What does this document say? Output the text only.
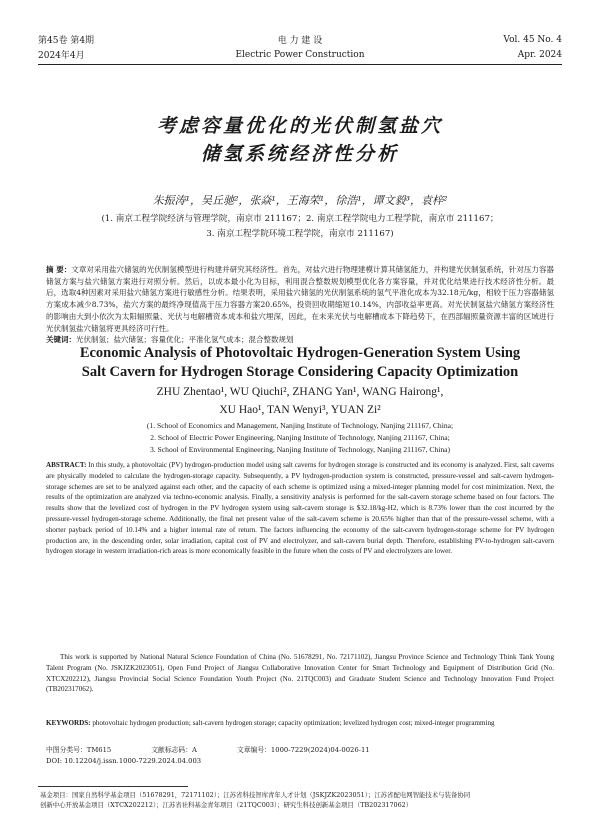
第45卷 第4期	电 力 建 设	Vol. 45 No. 4
2024年4月	Electric Power Construction	Apr. 2024
考虑容量优化的光伏制氢盐穴
储氢系统经济性分析
朱振涛¹，吴丘驰²，张焱¹，王海荣¹，徐浩¹，谭文毅³，袁梓²
(1. 南京工程学院经济与管理学院，南京市 211167；2. 南京工程学院电力工程学院，南京市 211167；
3. 南京工程学院环境工程学院，南京市 211167)
摘 要：文章对采用盐穴储氢的光伏制氢模型进行构建并研究其经济性。首先，对盐穴进行物理建模计算其储氢能力，并构建光伏制氢系统，针对压力容器储氢方案与盐穴储氢方案进行对照分析。然后，以成本最小化为目标，利用混合整数规划模型优化各方案容量，并对优化结果进行技术经济性分析。最后，选取4种因素对采用盐穴储氢方案进行敏感性分析。结果表明，采用盐穴储氢的光伏制氢系统的氢气平准化成本为32.18元/kg，相较于压力容器储氢方案成本减少8.73%，盐穴方案的最终净现值高于压力容器方案20.65%，投资回收期缩短10.14%，内部收益率更高。对光伏制氢盐穴储氢方案经济性的影响由大到小依次为太阳辐照量、光伏与电解槽资本成本和盐穴埋深，因此，在未来光伏与电解槽成本下降趋势下，在西部辐照量资源丰富的区域进行光伏制氢盐穴储氢将更具经济可行性。
关键词：光伏制氢；盐穴储氢；容量优化；平准化氢气成本；混合整数规划
Economic Analysis of Photovoltaic Hydrogen-Generation System Using
Salt Cavern for Hydrogen Storage Considering Capacity Optimization
ZHU Zhentao¹, WU Qiuchi², ZHANG Yan¹, WANG Hairong¹,
XU Hao¹, TAN Wenyi³, YUAN Zi²
(1. School of Economics and Management, Nanjing Institute of Technology, Nanjing 211167, China;
2. School of Electric Power Engineering, Nanjing Institute of Technology, Nanjing 211167, China;
3. School of Environmental Engineering, Nanjing Institute of Technology, Nanjing 211167, China)
ABSTRACT: In this study, a photovoltaic (PV) hydrogen-production model using salt caverns for hydrogen storage is constructed and its economy is analyzed. First, salt caverns are physically modeled to calculate the hydrogen-storage capacity. Subsequently, a PV hydrogen-production system is constructed, pressure-vessel and salt-cavern hydrogen-storage schemes are set to be analyzed against each other, and the capacity of each scheme is optimized using a mixed-integer planning model for cost minimization. Next, the results of the optimization are analyzed via techno-economic analysis. Finally, a sensitivity analysis is performed for the salt-cavern storage scheme based on four factors. The results show that the levelized cost of hydrogen in the PV hydrogen system using salt-cavern storage is $32.18/kg-H2, which is 8.73% lower than the cost incurred by the pressure-vessel hydrogen-storage scheme. Additionally, the final net present value of the salt-cavern scheme is 20.65% higher than that of the pressure-vessel scheme, with a shorter payback period of 10.14% and a higher internal rate of return. The factors influencing the economy of the salt-cavern hydrogen-storage scheme for PV hydrogen production are, in the descending order, solar irradiation, capital cost of PV and electrolyzer, and salt-cavern burial depth. Therefore, establishing PV-to-hydrogen salt-cavern hydrogen storage in western irradiation-rich areas is more economically feasible in the future when the costs of PV and electrolyzers are lower.
This work is supported by National Natural Science Foundation of China (No. 51678291, No. 72171102), Jiangsu Province Science and Technology Think Tank Young Talent Program (No. JSKJZK2023051), Open Fund Project of Jiangsu Collaborative Innovation Center for Smart Technology and Equipment of Distribution Grid (No. XTCX202212), Jiangsu Provincial Social Science Foundation Youth Project (No. 21TQC003) and Graduate Student Science and Technology Innovation Fund Project (TB202317062).
KEYWORDS: photovoltaic hydrogen production; salt-cavern hydrogen storage; capacity optimization; levelized hydrogen cost; mixed-integer programming
中图分类号：TM615	文献标志码：A	文章编号：1000-7229(2024)04-0026-11
DOI: 10.12204/j.issn.1000-7229.2024.04.003
基金项目：国家自然科学基金项目（51678291，72171102）；江苏省科技智库青年人才计划（JSKJZK2023051）；江苏省配电网智能技术与装备协同
创新中心开放基金项目（XTCX202212）；江苏省社科基金青年项目（21TQC003）；研究生科技创新基金项目（TB202317062）
